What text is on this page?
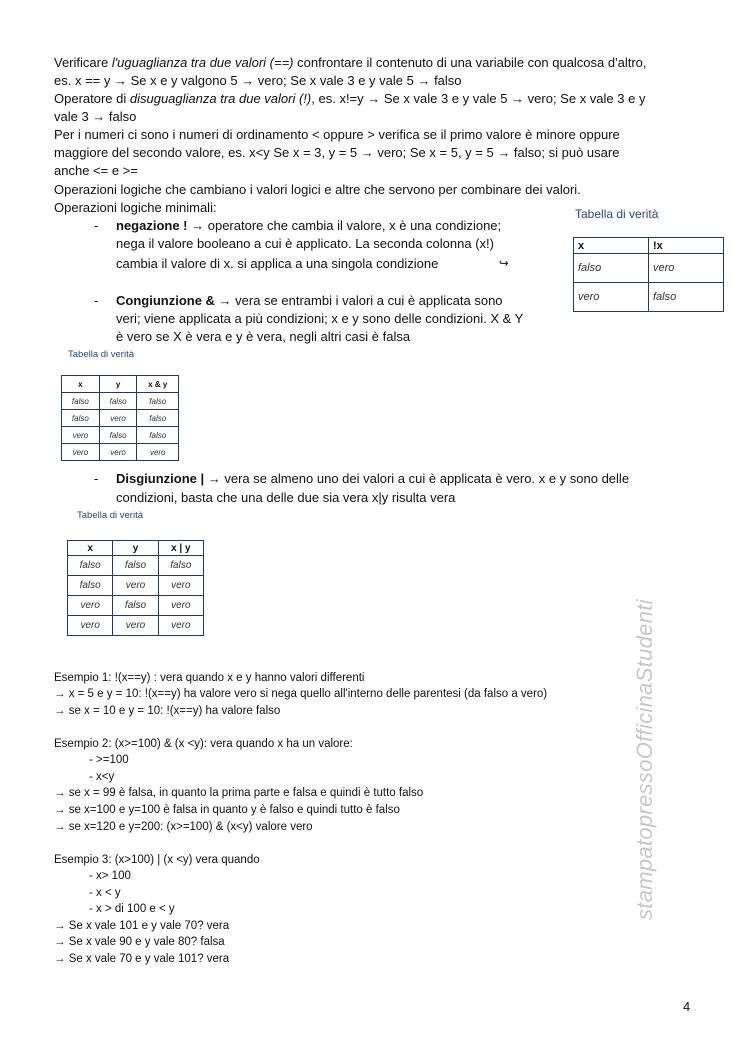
Verificare l'uguaglianza tra due valori (==) confrontare il contenuto di una variabile con qualcosa d'altro,

es. x == y → Se x e y valgono 5 → vero; Se x vale 3 e y vale 5 → falso

Operatore di disuguaglianza tra due valori (!), es. x!=y → Se x vale 3 e y vale 5 → vero; Se x vale 3 e y

vale 3 → falso

Per i numeri ci sono i numeri di ordinamento < oppure > verifica se il primo valore è minore oppure

maggiore del secondo valore, es. x<y Se x = 3, y = 5 → vero; Se x = 5, y = 5 → falso; si può usare

anche <= e >=

Operazioni logiche che cambiano i valori logici e altre che servono per combinare dei valori.

Operazioni logiche minimali:

- negazione ! → operatore che cambia il valore, x è una condizione;

nega il valore booleano a cui è applicato. La seconda colonna (x!)

cambia il valore di x. si applica a una singola condizione	↪
Tabella di verità
x	!x
falso	vero
vero	falso
- Congiunzione & → vera se entrambi i valori a cui è applicata sono

veri; viene applicata a più condizioni; x e y sono delle condizioni. X & Y

è vero se X è vera e y è vera, negli altri casi è falsa

Tabella di verità
x	y	x & y
falso	falso	falso
falso	vero	falso
vero	falso	falso
vero	vero	vero
- Disgiunzione | → vera se almeno uno dei valori a cui è applicata è vero. x e y sono delle

condizioni, basta che una delle due sia vera x|y risulta vera

Tabella di verità
x	y	x | y
falso	falso	falso
falso	vero	vero
vero	falso	vero
vero	vero	vero

Esempio 1: !(x==y) : vera quando x e y hanno valori differenti

→ x = 5 e y = 10: !(x==y) ha valore vero si nega quello all'interno delle parentesi (da falso a vero)

→ se x = 10 e y = 10: !(x==y) ha valore falso

Esempio 2: (x>=100) & (x <y): vera quando x ha un valore:

- >=100

- x<y

→ se x = 99 è falsa, in quanto la prima parte e falsa e quindi è tutto falso

→ se x=100 e y=100 è falsa in quanto y è falso e quindi tutto è falso

→ se x=120 e y=200: (x>=100) & (x<y) valore vero

Esempio 3: (x>100) | (x <y) vera quando

- x> 100

- x < y

- x > di 100 e < y

→ Se x vale 101 e y vale 70? vera

→ Se x vale 90 e y vale 80? falsa

→ Se x vale 70 e y vale 101? vera

stampatopressoOfficinaStudenti
4
